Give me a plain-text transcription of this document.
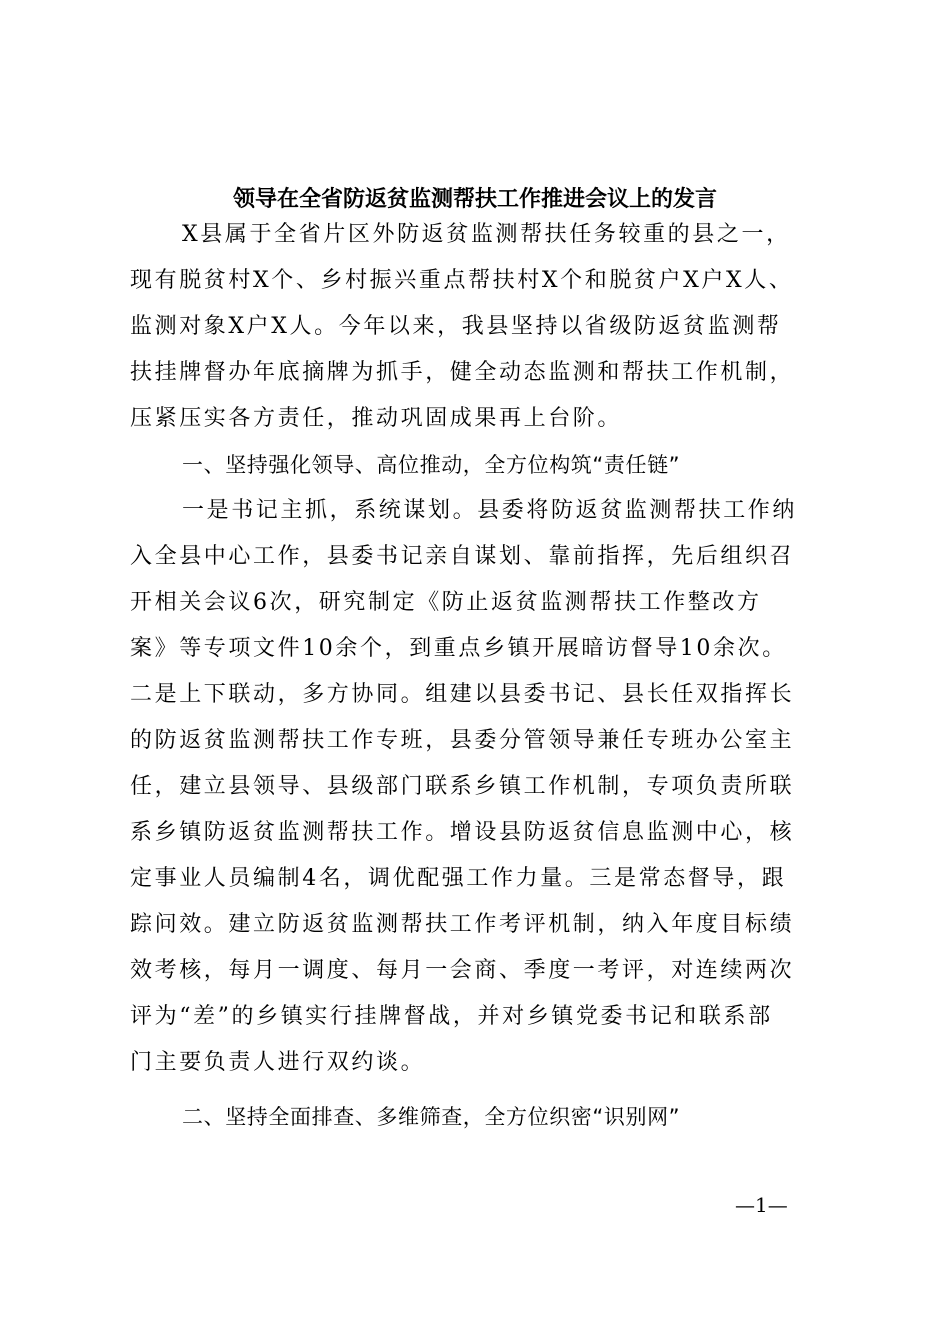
领导在全省防返贫监测帮扶工作推进会议上的发言

X县属于全省片区外防返贫监测帮扶任务较重的县之一，

现有脱贫村X个、乡村振兴重点帮扶村X个和脱贫户X户X人、

监测对象X户X人。今年以来，我县坚持以省级防返贫监测帮

扶挂牌督办年底摘牌为抓手，健全动态监测和帮扶工作机制，

压紧压实各方责任，推动巩固成果再上台阶。

一、坚持强化领导、高位推动，全方位构筑“责任链”

一是书记主抓，系统谋划。县委将防返贫监测帮扶工作纳

入全县中心工作，县委书记亲自谋划、靠前指挥，先后组织召

开相关会议6次，研究制定《防止返贫监测帮扶工作整改方

案》等专项文件10余个，到重点乡镇开展暗访督导10余次。

二是上下联动，多方协同。组建以县委书记、县长任双指挥长

的防返贫监测帮扶工作专班，县委分管领导兼任专班办公室主

任，建立县领导、县级部门联系乡镇工作机制，专项负责所联

系乡镇防返贫监测帮扶工作。增设县防返贫信息监测中心，核

定事业人员编制4名，调优配强工作力量。三是常态督导，跟

踪问效。建立防返贫监测帮扶工作考评机制，纳入年度目标绩

效考核，每月一调度、每月一会商、季度一考评，对连续两次

评为“差”的乡镇实行挂牌督战，并对乡镇党委书记和联系部

门主要负责人进行双约谈。

二、坚持全面排查、多维筛查，全方位织密“识别网”
—1—
